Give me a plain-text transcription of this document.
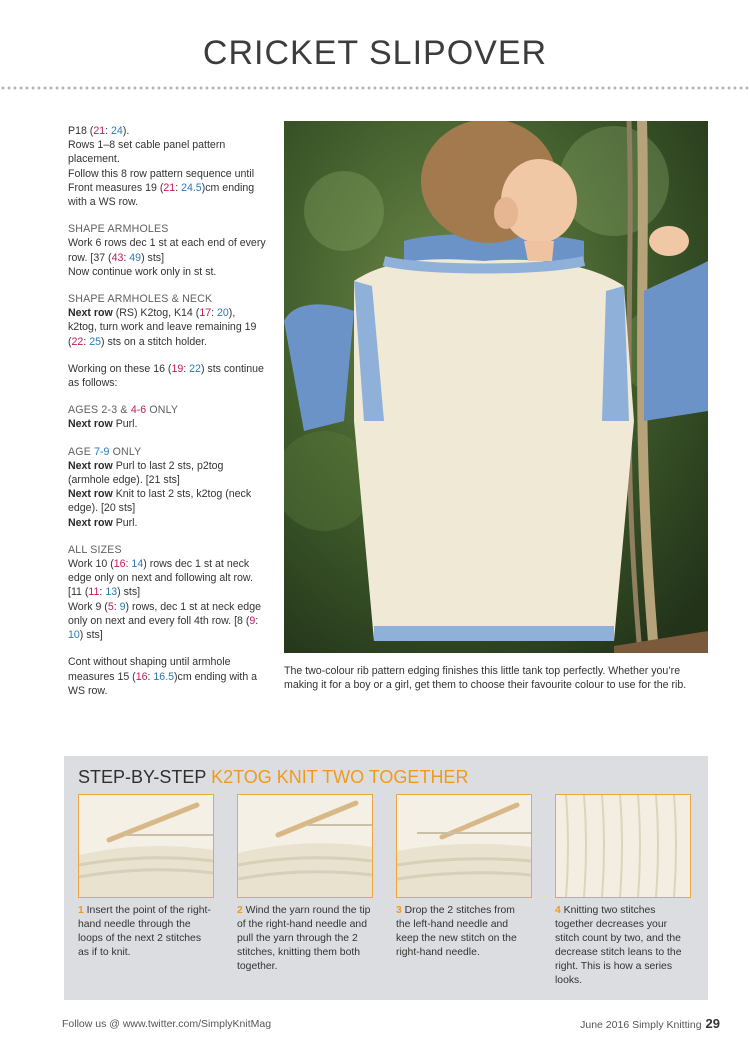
CRICKET SLIPOVER

P18 (21: 24).
Rows 1–8 set cable panel pattern placement.
Follow this 8 row pattern sequence until Front measures 19 (21: 24.5)cm ending with a WS row.

SHAPE ARMHOLES
Work 6 rows dec 1 st at each end of every row. [37 (43: 49) sts]
Now continue work only in st st.

SHAPE ARMHOLES & NECK
Next row (RS) K2tog, K14 (17: 20), k2tog, turn work and leave remaining 19 (22: 25) sts on a stitch holder.

Working on these 16 (19: 22) sts continue as follows:

AGES 2-3 & 4-6 ONLY
Next row Purl.

AGE 7-9 ONLY
Next row Purl to last 2 sts, p2tog (armhole edge). [21 sts]
Next row Knit to last 2 sts, k2tog (neck edge). [20 sts]
Next row Purl.

ALL SIZES
Work 10 (16: 14) rows dec 1 st at neck edge only on next and following alt row. [11 (11: 13) sts]
Work 9 (5: 9) rows, dec 1 st at neck edge only on next and every foll 4th row. [8 (9: 10) sts]

Cont without shaping until armhole measures 15 (16: 16.5)cm ending with a WS row.

The two-colour rib pattern edging finishes this little tank top perfectly. Whether you’re making it for a boy or a girl, get them to choose their favourite colour to use for the rib.
STEP-BY-STEP K2TOG KNIT TWO TOGETHER
1 Insert the point of the right-hand needle through the loops of the next 2 stitches as if to knit.
2 Wind the yarn round the tip of the right-hand needle and pull the yarn through the 2 stitches, knitting them both together.
3 Drop the 2 stitches from the left-hand needle and keep the new stitch on the right-hand needle.
4 Knitting two stitches together decreases your stitch count by two, and the decrease stitch leans to the right. This is how a series looks.
Follow us @ www.twitter.com/SimplyKnitMag	June 2016 Simply Knitting 29
